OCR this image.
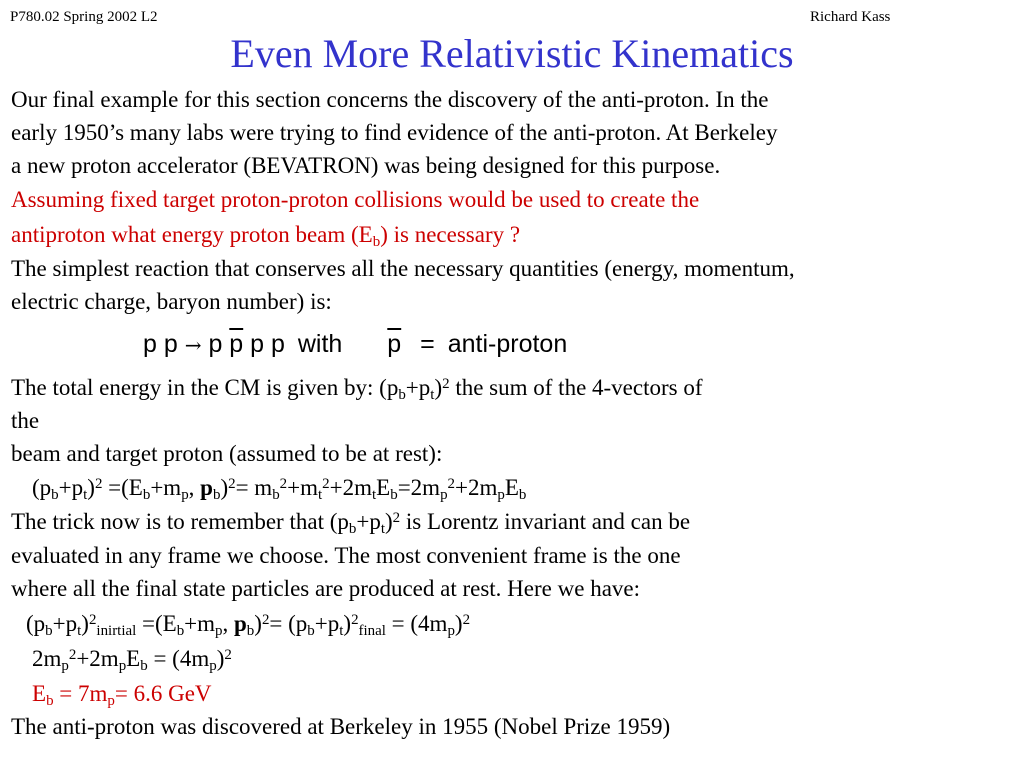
P780.02 Spring 2002 L2	Richard Kass
Even More Relativistic Kinematics
Our final example for this section concerns the discovery of the anti-proton. In the
early 1950’s many labs were trying to find evidence of the anti-proton. At Berkeley
a new proton accelerator (BEVATRON) was being designed for this purpose.
Assuming fixed target proton-proton collisions would be used to create the
antiproton what energy proton beam $(E_b)$ is necessary ?
The simplest reaction that conserves all the necessary quantities (energy, momentum,
electric charge, baryon number) is:
p p → p $\overline{p}$ p p with $\overline{p}$ = anti-proton
The total energy in the CM is given by: $(p_b+p_t)^2$ the sum of the 4-vectors of
the
beam and target proton (assumed to be at rest):
$(p_b+p_t)^2 =(E_b+m_p$, $p_b)^2= m_b^2+m_t^2+2m_tE_b=2m_p^2+2m_pE_b$
The trick now is to remember that $(p_b+p_t)^2$ is Lorentz invariant and can be
evaluated in any frame we choose. The most convenient frame is the one
where all the final state particles are produced at rest. Here we have:
$(p_b+p_t)^2_{inirtial} =(E_b+m_p$, $p_b)^2= (p_b+p_t)^2_{final} = (4m_p)^2$
$2m_p^2+2m_pE_b = (4m_p)^2$
$E_b = 7m_p= 6.6$ GeV
The anti-proton was discovered at Berkeley in 1955 (Nobel Prize 1959)
